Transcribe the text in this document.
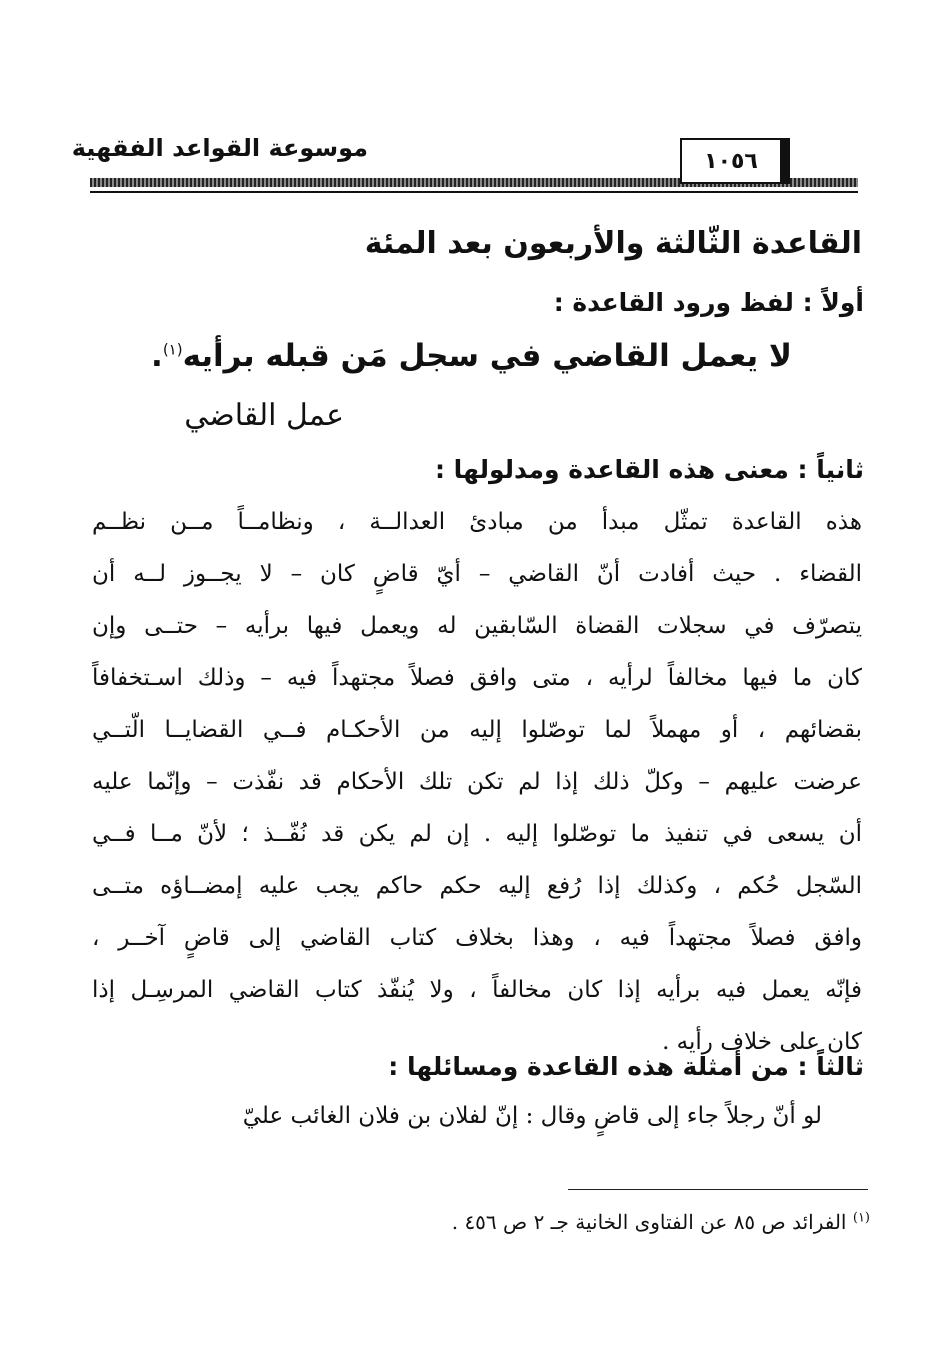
موسوعة القواعد الفقهية	١٠٥٦
القاعدة الثّالثة والأربعون بعد المئة
أولاً : لفظ ورود القاعدة :
لا يعمل القاضي في سجل مَن قبله برأيه$^{(١)}$.
عمل القاضي
ثانياً : معنى هذه القاعدة ومدلولها :
هذه القاعدة تمثّل مبدأ من مبادئ العدالــة ، ونظامــاً مــن نظــم
القضاء . حيث أفادت أنّ القاضي – أيّ قاضٍ كان – لا يجــوز لــه أن
يتصرّف في سجلات القضاة السّابقين له ويعمل فيها برأيه – حتــى وإن
كان ما فيها مخالفاً لرأيه ، متى وافق فصلاً مجتهداً فيه – وذلك اسـتخفافاً
بقضائهم ، أو مهملاً لما توصّلوا إليه من الأحكـام فــي القضايــا الّتــي
عرضت عليهم – وكلّ ذلك إذا لم تكن تلك الأحكام قد نفّذت – وإنّما عليه
أن يسعى في تنفيذ ما توصّلوا إليه . إن لم يكن قد نُفّــذ ؛ لأنّ مــا فــي
السّجل حُكم ، وكذلك إذا رُفع إليه حكم حاكم يجب عليه إمضــاؤه متــى
وافق فصلاً مجتهداً فيه ، وهذا بخلاف كتاب القاضي إلى قاضٍ آخــر ،
فإنّه يعمل فيه برأيه إذا كان مخالفاً ، ولا يُنفّذ كتاب القاضي المرسِـل إذا
كان على خلاف رأيه .
ثالثاً : من أمثلة هذه القاعدة ومسائلها :
لو أنّ رجلاً جاء إلى قاضٍ وقال : إنّ لفلان بن فلان الغائب عليّ
$^{(١)}$ الفرائد ص ٨٥ عن الفتاوى الخانية جـ ٢ ص ٤٥٦ .
